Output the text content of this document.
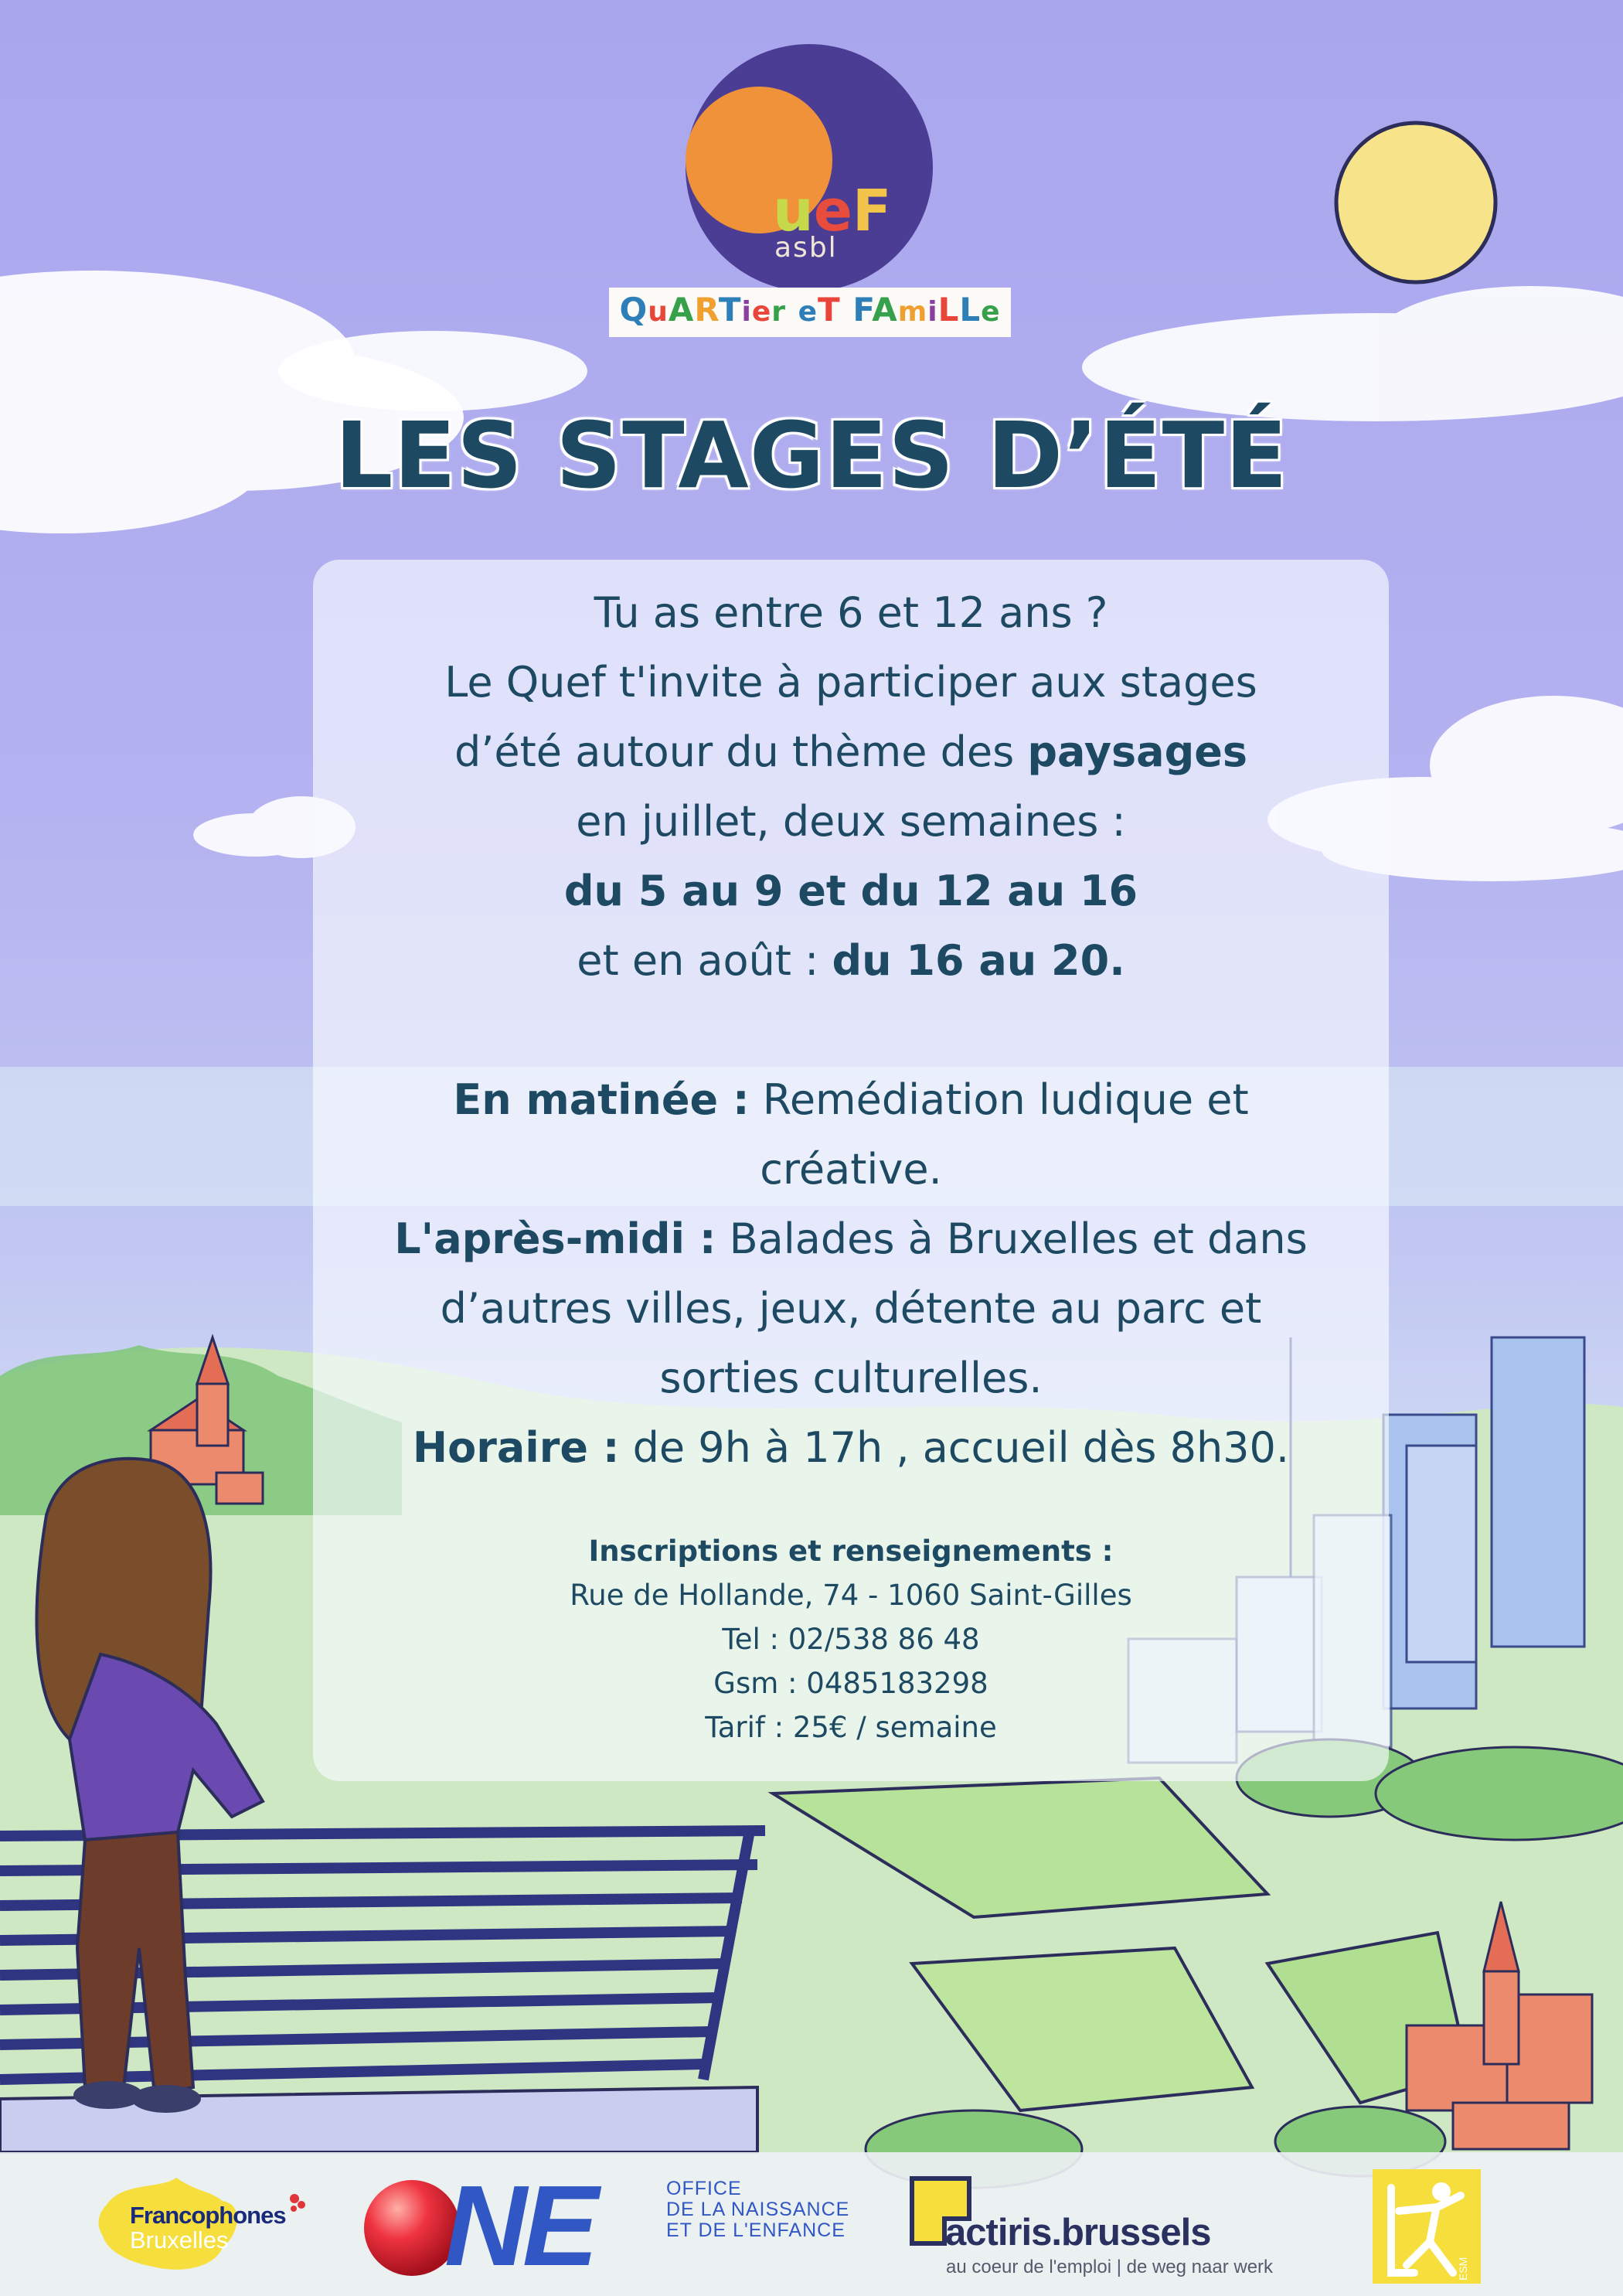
ueF
asbl
QuARTier eT FAmiLLe
LES STAGES D’ÉTÉ
Tu as entre 6 et 12 ans ?
Le Quef t'invite à participer aux stages
d’été autour du thème des paysages
en juillet, deux semaines :
du 5 au 9 et du 12 au 16
et en août : du 16 au 20.
En matinée : Remédiation ludique et
créative.
L'après-midi : Balades à Bruxelles et dans
d’autres villes, jeux, détente au parc et
sorties culturelles.
Horaire : de 9h à 17h , accueil dès 8h30.
Inscriptions et renseignements :
Rue de Hollande, 74 - 1060 Saint-Gilles
Tel : 02/538 86 48
Gsm : 0485183298
Tarif : 25€ / semaine
Francophones
Bruxelles NE	OFFICE
DE LA NAISSANCE
ET DE L'ENFANCE	actiris.brussels
au coeur de l'emploi | de weg naar werk	ESM
